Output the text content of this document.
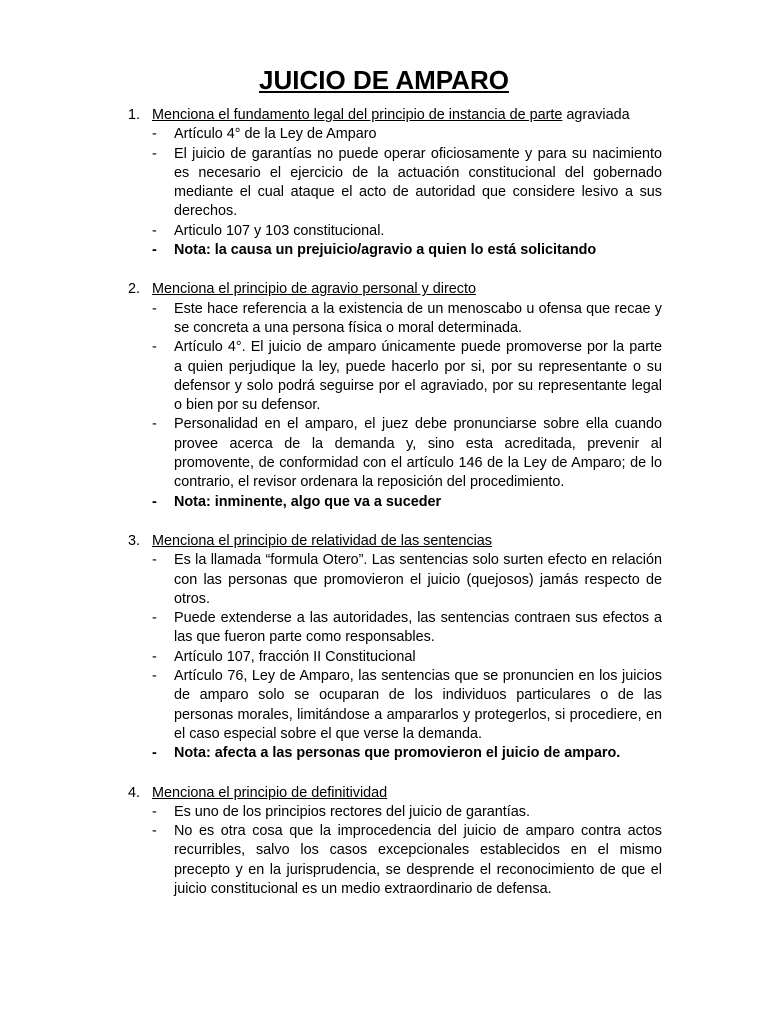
JUICIO DE AMPARO
1. Menciona el fundamento legal del principio de instancia de parte agraviada
- Artículo 4° de la Ley de Amparo
- El juicio de garantías no puede operar oficiosamente y para su nacimiento es necesario el ejercicio de la actuación constitucional del gobernado mediante el cual ataque el acto de autoridad que considere lesivo a sus derechos.
- Articulo 107 y 103 constitucional.
- Nota: la causa un prejuicio/agravio a quien lo está solicitando
2. Menciona el principio de agravio personal y directo
- Este hace referencia a la existencia de un menoscabo u ofensa que recae y se concreta a una persona física o moral determinada.
- Artículo 4°. El juicio de amparo únicamente puede promoverse por la parte a quien perjudique la ley, puede hacerlo por si, por su representante o su defensor y solo podrá seguirse por el agraviado, por su representante legal o bien por su defensor.
- Personalidad en el amparo, el juez debe pronunciarse sobre ella cuando provee acerca de la demanda y, sino esta acreditada, prevenir al promovente, de conformidad con el artículo 146 de la Ley de Amparo; de lo contrario, el revisor ordenara la reposición del procedimiento.
- Nota: inminente, algo que va a suceder
3. Menciona el principio de relatividad de las sentencias
- Es la llamada “formula Otero”. Las sentencias solo surten efecto en relación con las personas que promovieron el juicio (quejosos) jamás respecto de otros.
- Puede extenderse a las autoridades, las sentencias contraen sus efectos a las que fueron parte como responsables.
- Artículo 107, fracción II Constitucional
- Artículo 76, Ley de Amparo, las sentencias que se pronuncien en los juicios de amparo solo se ocuparan de los individuos particulares o de las personas morales, limitándose a ampararlos y protegerlos, si procediere, en el caso especial sobre el que verse la demanda.
- Nota: afecta a las personas que promovieron el juicio de amparo.
4. Menciona el principio de definitividad
- Es uno de los principios rectores del juicio de garantías.
- No es otra cosa que la improcedencia del juicio de amparo contra actos recurribles, salvo los casos excepcionales establecidos en el mismo precepto y en la jurisprudencia, se desprende el reconocimiento de que el juicio constitucional es un medio extraordinario de defensa.
